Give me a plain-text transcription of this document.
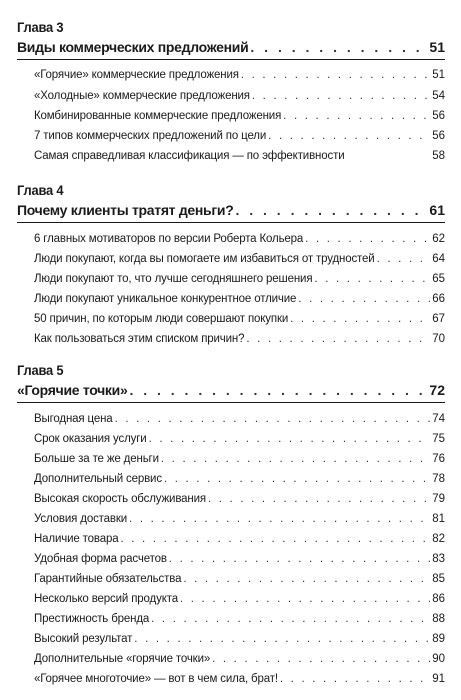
Глава 3
Виды коммерческих предложений . . .	51
«Горячие» коммерческие предложения . . .	51
«Холодные» коммерческие предложения . . .	54
Комбинированные коммерческие предложения . . .	56
7 типов коммерческих предложений по цели . . .	56
Самая справедливая классификация — по эффективности	58
Глава 4
Почему клиенты тратят деньги? . . .	61
6 главных мотиваторов по версии Роберта Кольера . . .	62
Люди покупают, когда вы помогаете им избавиться от трудностей . . .	64
Люди покупают то, что лучше сегодняшнего решения . . .	65
Люди покупают уникальное конкурентное отличие . . .	66
50 причин, по которым люди совершают покупки . . .	67
Как пользоваться этим списком причин? . . .	70
Глава 5
«Горячие точки» . . .	72
Выгодная цена . . .	74
Срок оказания услуги . . .	75
Больше за те же деньги . . .	76
Дополнительный сервис . . .	78
Высокая скорость обслуживания . . .	79
Условия доставки . . .	81
Наличие товара . . .	82
Удобная форма расчетов . . .	83
Гарантийные обязательства . . .	85
Несколько версий продукта . . .	86
Престижность бренда . . .	88
Высокий результат . . .	89
Дополнительные «горячие точки» . . .	90
«Горячее многоточие» — вот в чем сила, брат! . . .	91
